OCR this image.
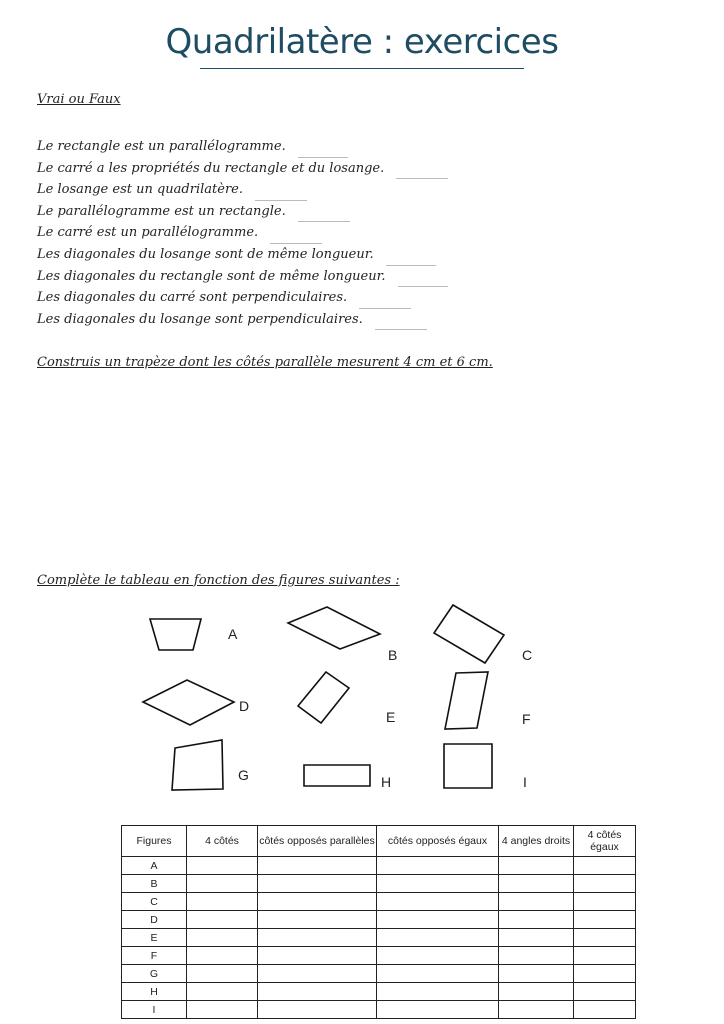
Quadrilatère : exercices
Vrai ou Faux
Le rectangle est un parallélogramme.
Le carré a les propriétés du rectangle et du losange.
Le losange est un quadrilatère.
Le parallélogramme est un rectangle.
Le carré est un parallélogramme.
Les diagonales du losange sont de même longueur.
Les diagonales du rectangle sont de même longueur.
Les diagonales du carré sont perpendiculaires.
Les diagonales du losange sont perpendiculaires.
Construis un trapèze dont les côtés parallèle mesurent 4 cm et 6 cm.
Complète le tableau en fonction des figures suivantes :
A
B	C
D
E	F
G	H	I
Figures	4 côtés	côtés opposés parallèles	côtés opposés égaux	4 angles droits	4 côtés égaux
A					
B					
C					
D					
E					
F					
G					
H					
I					
